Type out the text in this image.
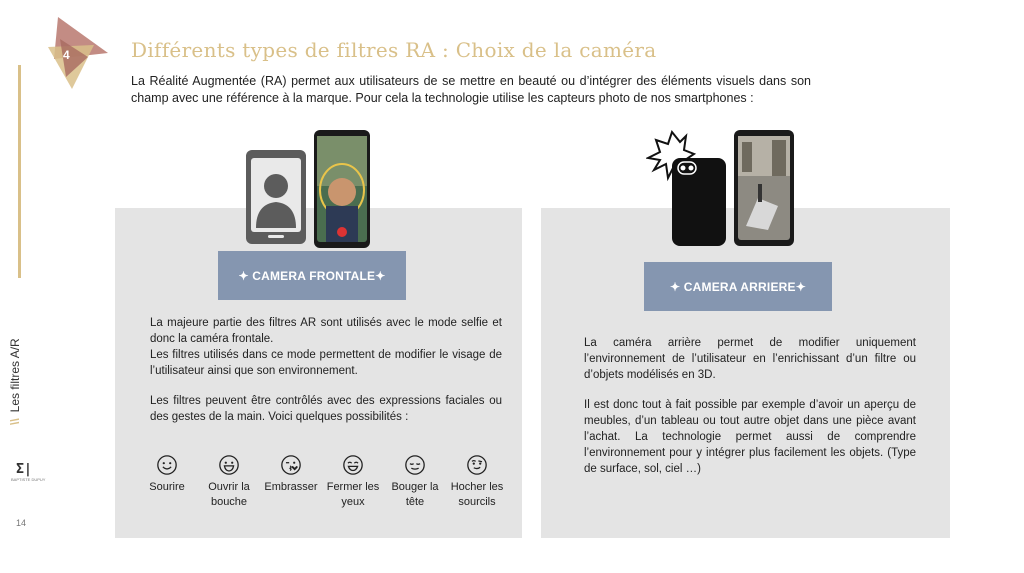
\\Les filtres A/R
Σ|
BAPTISTE DUPUY
14
4	Différents types de filtres RA : Choix de la caméra
La Réalité Augmentée (RA) permet aux utilisateurs de se mettre en beauté ou d’intégrer des éléments visuels dans son champ avec une référence à la marque. Pour cela la technologie utilise les capteurs photo de nos smartphones :
✦ CAMERA FRONTALE✦
✦ CAMERA ARRIERE✦

La majeure partie des filtres AR sont utilisés avec le mode selfie et donc la caméra frontale.

Les filtres utilisés dans ce mode permettent de modifier le visage de l’utilisateur ainsi que son environnement.

Les filtres peuvent être contrôlés avec des expressions faciales ou des gestes de la main. Voici quelques possibilités :

Sourire	Ouvrir la bouche
Embrasser Fermer les yeux
Bouger la tête
Hocher les sourcils

La caméra arrière permet de modifier uniquement l’environnement de l’utilisateur en l’enrichissant d’un filtre ou d’objets modélisés en 3D.

Il est donc tout à fait possible par exemple d’avoir un aperçu de meubles, d’un tableau ou tout autre objet dans une pièce avant l’achat. La technologie permet aussi de comprendre l’environnement pour y intégrer plus facilement les objets. (Type de surface, sol, ciel …)
